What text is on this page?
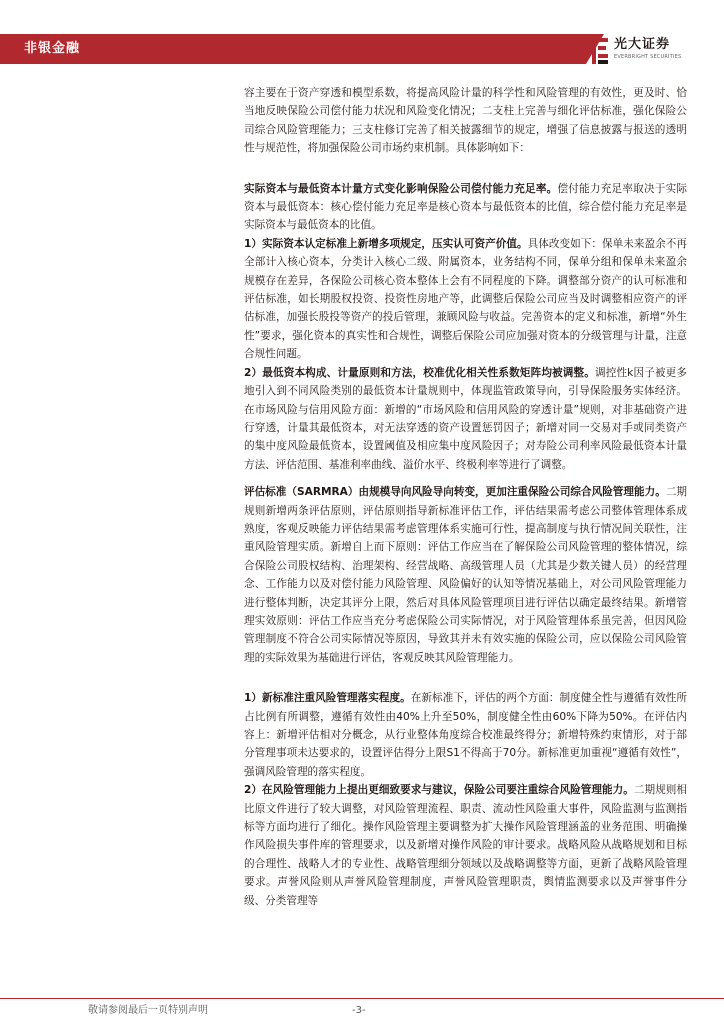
非银金融	光大证券
EVERBRIGHT SECURITIES

容主要在于资产穿透和模型系数，将提高风险计量的科学性和风险管理的有效性，更及时、恰当地反映保险公司偿付能力状况和风险变化情况；二支柱上完善与细化评估标准，强化保险公司综合风险管理能力；三支柱修订完善了相关披露细节的规定，增强了信息披露与报送的透明性与规范性，将加强保险公司市场约束机制。具体影响如下：

实际资本与最低资本计量方式变化影响保险公司偿付能力充足率。偿付能力充足率取决于实际资本与最低资本：核心偿付能力充足率是核心资本与最低资本的比值，综合偿付能力充足率是实际资本与最低资本的比值。

1）实际资本认定标准上新增多项规定，压实认可资产价值。具体改变如下：保单未来盈余不再全部计入核心资本，分类计入核心二级、附属资本，业务结构不同，保单分组和保单未来盈余规模存在差异，各保险公司核心资本整体上会有不同程度的下降。调整部分资产的认可标准和评估标准，如长期股权投资、投资性房地产等，此调整后保险公司应当及时调整相应资产的评估标准，加强长股投等资产的投后管理，兼顾风险与收益。完善资本的定义和标准，新增“外生性”要求，强化资本的真实性和合规性，调整后保险公司应加强对资本的分级管理与计量，注意合规性问题。

2）最低资本构成、计量原则和方法，校准优化相关性系数矩阵均被调整。调控性k因子被更多地引入到不同风险类别的最低资本计量规则中，体现监管政策导向，引导保险服务实体经济。在市场风险与信用风险方面：新增的“市场风险和信用风险的穿透计量”规则，对非基础资产进行穿透，计量其最低资本，对无法穿透的资产设置惩罚因子；新增对同一交易对手或同类资产的集中度风险最低资本，设置阈值及相应集中度风险因子；对寿险公司利率风险最低资本计量方法、评估范围、基准利率曲线、溢价水平、终极利率等进行了调整。

评估标准（SARMRA）由规模导向风险导向转变，更加注重保险公司综合风险管理能力。二期规则新增两条评估原则，评估原则指导新标准评估工作，评估结果需考虑公司整体管理体系成熟度，客观反映能力评估结果需考虑管理体系实施可行性，提高制度与执行情况间关联性，注重风险管理实质。新增自上而下原则：评估工作应当在了解保险公司风险管理的整体情况，综合保险公司股权结构、治理架构、经营战略、高级管理人员（尤其是少数关键人员）的经营理念、工作能力以及对偿付能力风险管理、风险偏好的认知等情况基础上，对公司风险管理能力进行整体判断，决定其评分上限，然后对具体风险管理项目进行评估以确定最终结果。新增管理实效原则：评估工作应当充分考虑保险公司实际情况，对于风险管理体系虽完善，但因风险管理制度不符合公司实际情况等原因，导致其并未有效实施的保险公司，应以保险公司风险管理的实际效果为基础进行评估，客观反映其风险管理能力。

1）新标准注重风险管理落实程度。在新标准下，评估的两个方面：制度健全性与遵循有效性所占比例有所调整，遵循有效性由40%上升至50%，制度健全性由60%下降为50%。在评估内容上：新增评估相对分概念，从行业整体角度综合校准最终得分；新增特殊约束情形，对于部分管理事项未达要求的，设置评估得分上限S1不得高于70分。新标准更加重视“遵循有效性”，强调风险管理的落实程度。

2）在风险管理能力上提出更细致要求与建议，保险公司要注重综合风险管理能力。二期规则相比原文件进行了较大调整，对风险管理流程、职责、流动性风险重大事件，风险监测与监测指标等方面均进行了细化。操作风险管理主要调整为扩大操作风险管理涵盖的业务范围、明确操作风险损失事件库的管理要求，以及新增对操作风险的审计要求。战略风险从战略规划和目标的合理性、战略人才的专业性、战略管理细分领域以及战略调整等方面，更新了战略风险管理要求。声誉风险则从声誉风险管理制度，声誉风险管理职责，舆情监测要求以及声誉事件分级、分类管理等

敬请参阅最后一页特别声明	-3-
